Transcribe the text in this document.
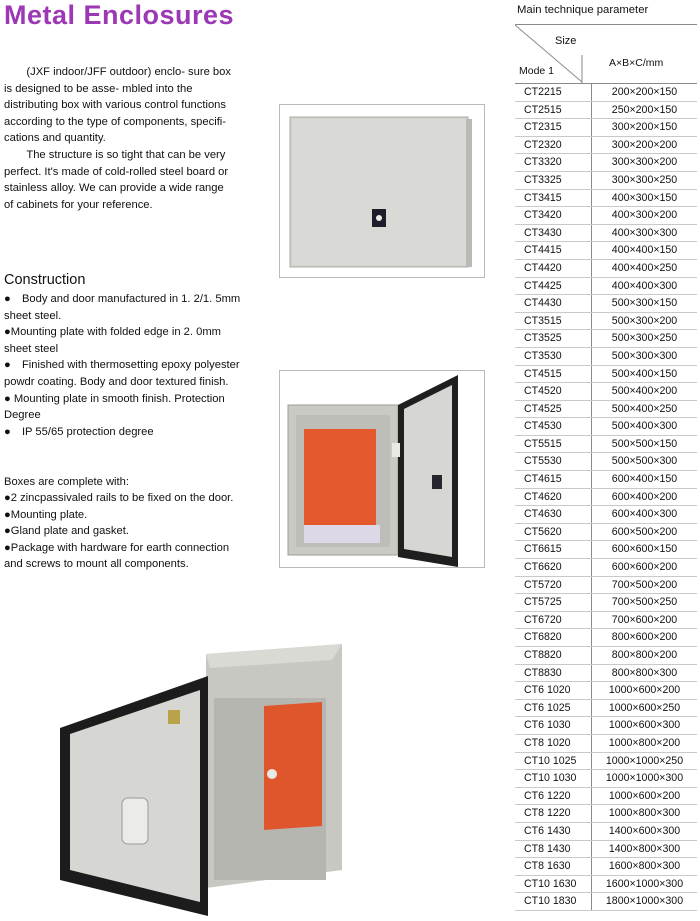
Metal Enclosures

　　(JXF indoor/JFF outdoor) enclo- sure box is designed to be asse- mbled into the distributing box with various control functions according to the type of components, specifi- cations and quantity.

　　The structure is so tight that can be very perfect. It's made of cold-rolled steel board or stainless alloy. We can provide a wide range of cabinets for your reference.

Construction
●　Body and door manufactured in 1. 2/1. 5mm sheet steel.
●Mounting plate with folded edge in 2. 0mm sheet steel
●　Finished with thermosetting epoxy polyester powdr coating. Body and door textured finish.
● Mounting plate in smooth finish. Protection Degree
●　IP 55/65 protection degree
Boxes are complete with:
●2 zincpassivaled rails to be fixed on the door.
●Mounting plate.
●Gland plate and gasket.
●Package with hardware for earth connection and screws to mount all components.
Main technique parameter
Size
A×B×C/mm
Mode 1	

CT2215	200×200×150
CT2515	250×200×150
CT2315	300×200×150
CT2320	300×200×200
CT3320	300×300×200
CT3325	300×300×250
CT3415	400×300×150
CT3420	400×300×200
CT3430	400×300×300
CT4415	400×400×150
CT4420	400×400×250
CT4425	400×400×300
CT4430	500×300×150
CT3515	500×300×200
CT3525	500×300×250
CT3530	500×300×300
CT4515	500×400×150
CT4520	500×400×200
CT4525	500×400×250
CT4530	500×400×300
CT5515	500×500×150
CT5530	500×500×300
CT4615	600×400×150
CT4620	600×400×200
CT4630	600×400×300
CT5620	600×500×200
CT6615	600×600×150
CT6620	600×600×200
CT5720	700×500×200
CT5725	700×500×250
CT6720	700×600×200
CT6820	800×600×200
CT8820	800×800×200
CT8830	800×800×300
CT6 1020	1000×600×200
CT6 1025	1000×600×250
CT6 1030	1000×600×300
CT8 1020	1000×800×200
CT10 1025	1000×1000×250
CT10 1030	1000×1000×300
CT6 1220	1000×600×200
CT8 1220	1000×800×300
CT6 1430	1400×600×300
CT8 1430	1400×800×300
CT8 1630	1600×800×300
CT10 1630	1600×1000×300
CT10 1830	1800×1000×300
